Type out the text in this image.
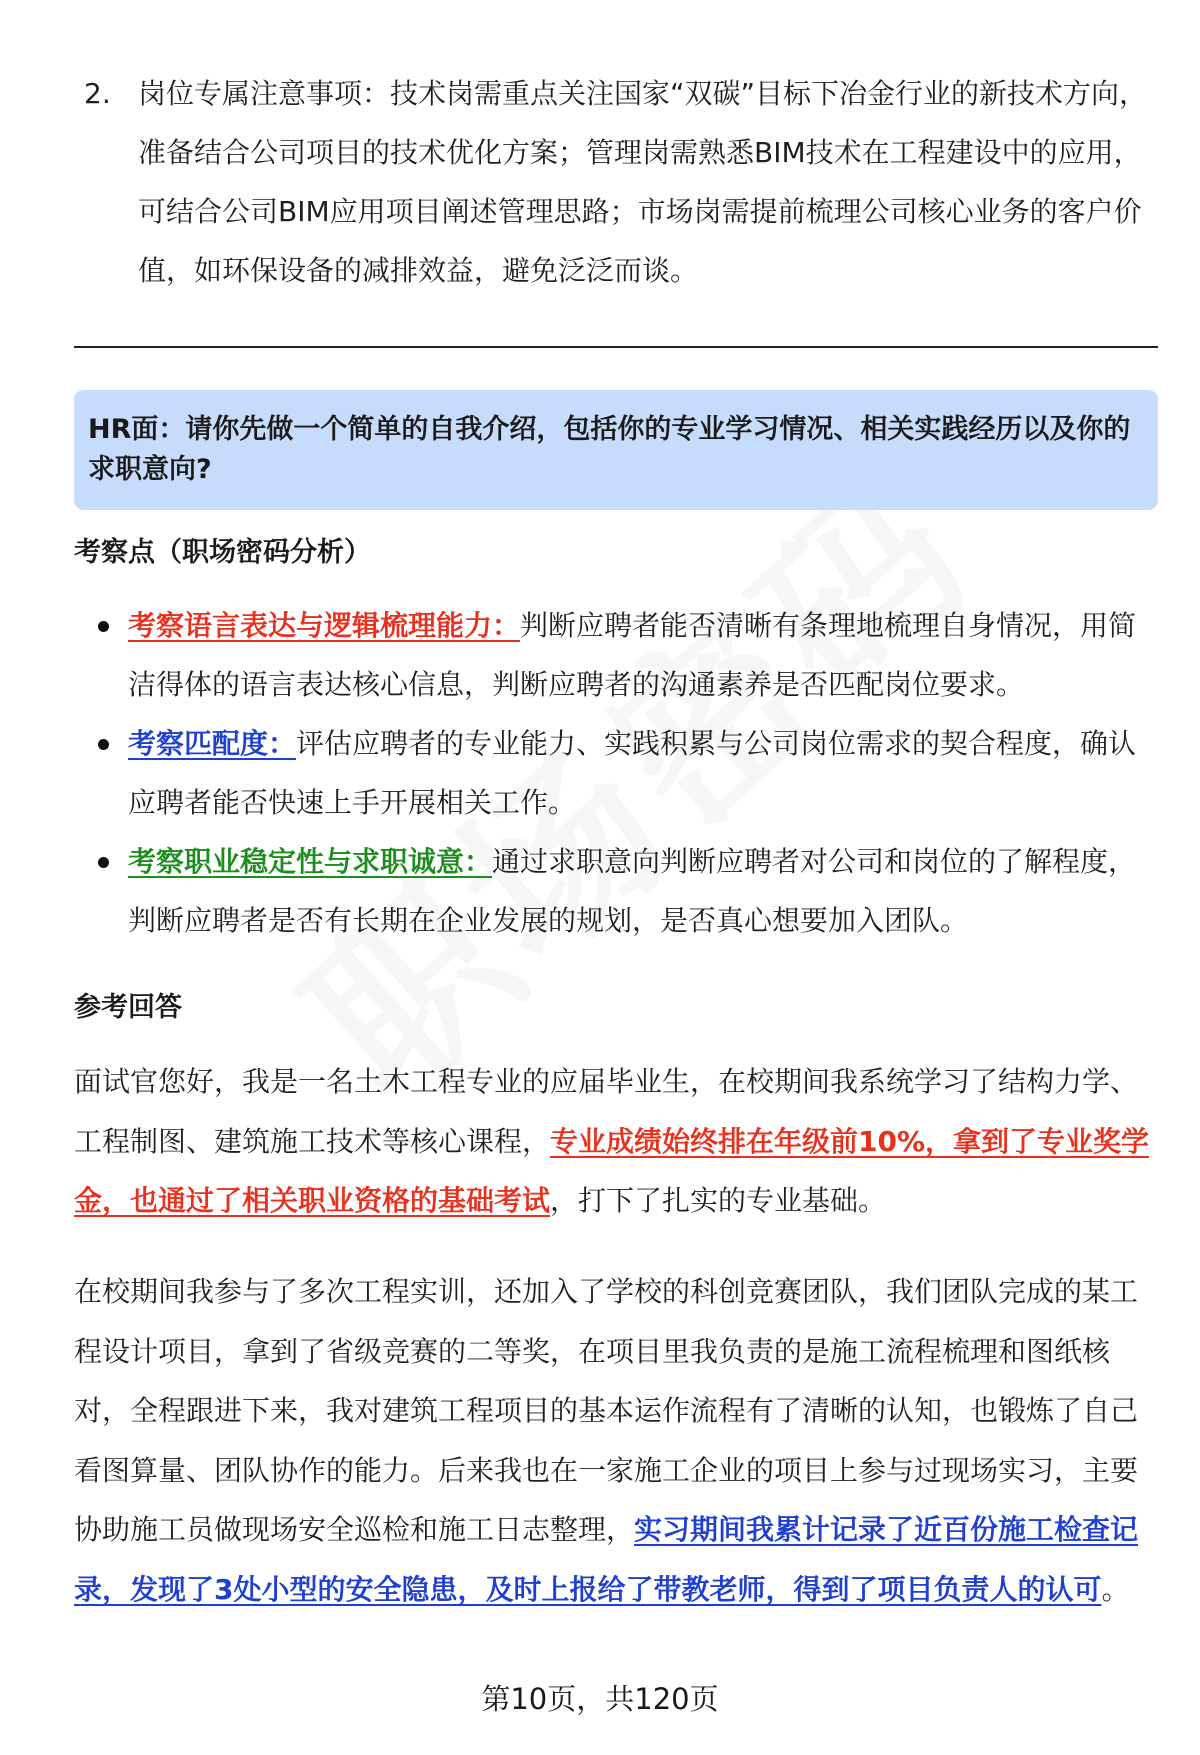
2. 岗位专属注意事项：技术岗需重点关注国家“双碳”目标下冶金行业的新技术方向，准备结合公司项目的技术优化方案；管理岗需熟悉BIM技术在工程建设中的应用，可结合公司BIM应用项目阐述管理思路；市场岗需提前梳理公司核心业务的客户价值，如环保设备的减排效益，避免泛泛而谈。
HR面：请你先做一个简单的自我介绍，包括你的专业学习情况、相关实践经历以及你的求职意向?
考察点（职场密码分析）
考察语言表达与逻辑梳理能力：判断应聘者能否清晰有条理地梳理自身情况，用简洁得体的语言表达核心信息，判断应聘者的沟通素养是否匹配岗位要求。
考察匹配度：评估应聘者的专业能力、实践积累与公司岗位需求的契合程度，确认应聘者能否快速上手开展相关工作。
考察职业稳定性与求职诚意：通过求职意向判断应聘者对公司和岗位的了解程度，判断应聘者是否有长期在企业发展的规划，是否真心想要加入团队。
参考回答

面试官您好，我是一名土木工程专业的应届毕业生，在校期间我系统学习了结构力学、工程制图、建筑施工技术等核心课程，专业成绩始终排在年级前10%，拿到了专业奖学金，也通过了相关职业资格的基础考试，打下了扎实的专业基础。

在校期间我参与了多次工程实训，还加入了学校的科创竞赛团队，我们团队完成的某工程设计项目，拿到了省级竞赛的二等奖，在项目里我负责的是施工流程梳理和图纸核对，全程跟进下来，我对建筑工程项目的基本运作流程有了清晰的认知，也锻炼了自己看图算量、团队协作的能力。后来我也在一家施工企业的项目上参与过现场实习，主要协助施工员做现场安全巡检和施工日志整理，实习期间我累计记录了近百份施工检查记录，发现了3处小型的安全隐患，及时上报给了带教老师，得到了项目负责人的认可。

第10页，共120页
